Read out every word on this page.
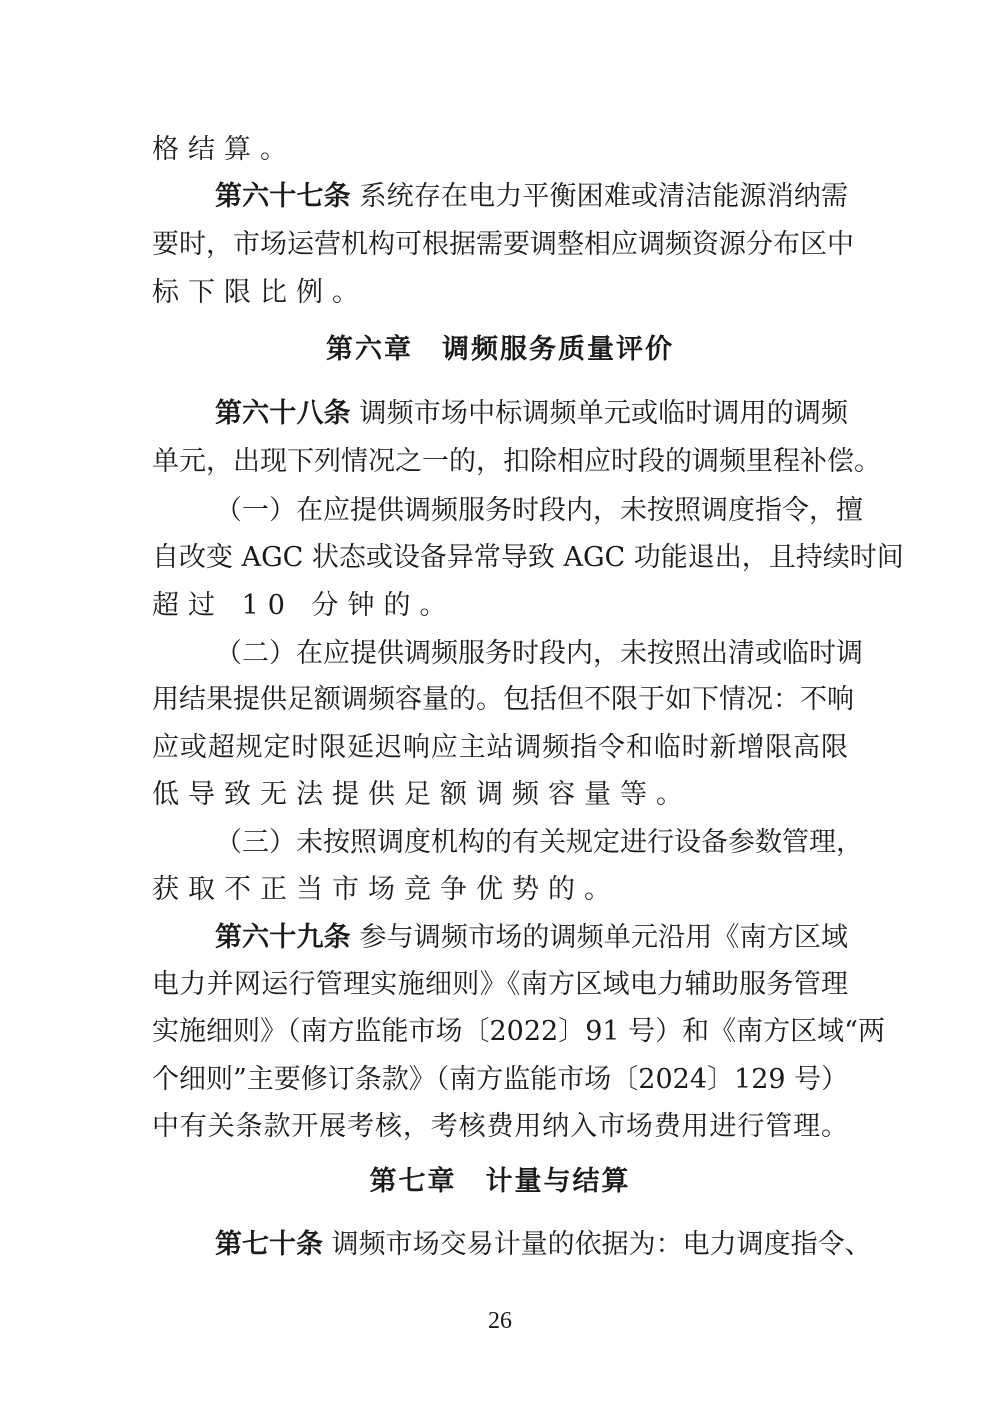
格结算。
第六十七条 系统存在电力平衡困难或清洁能源消纳需
要时，市场运营机构可根据需要调整相应调频资源分布区中
标下限比例。
第六章　调频服务质量评价
第六十八条 调频市场中标调频单元或临时调用的调频
单元，出现下列情况之一的，扣除相应时段的调频里程补偿。
（一）在应提供调频服务时段内，未按照调度指令，擅
自改变 AGC 状态或设备异常导致 AGC 功能退出，且持续时间
超过 10 分钟的。
（二）在应提供调频服务时段内，未按照出清或临时调
用结果提供足额调频容量的。包括但不限于如下情况：不响
应或超规定时限延迟响应主站调频指令和临时新增限高限
低导致无法提供足额调频容量等。
（三）未按照调度机构的有关规定进行设备参数管理，
获取不正当市场竞争优势的。
第六十九条 参与调频市场的调频单元沿用《南方区域
电力并网运行管理实施细则》《南方区域电力辅助服务管理
实施细则》（南方监能市场〔2022〕91 号）和《南方区域“两
个细则”主要修订条款》（南方监能市场〔2024〕129 号）
中有关条款开展考核，考核费用纳入市场费用进行管理。
第七章　计量与结算
第七十条 调频市场交易计量的依据为：电力调度指令、
26
